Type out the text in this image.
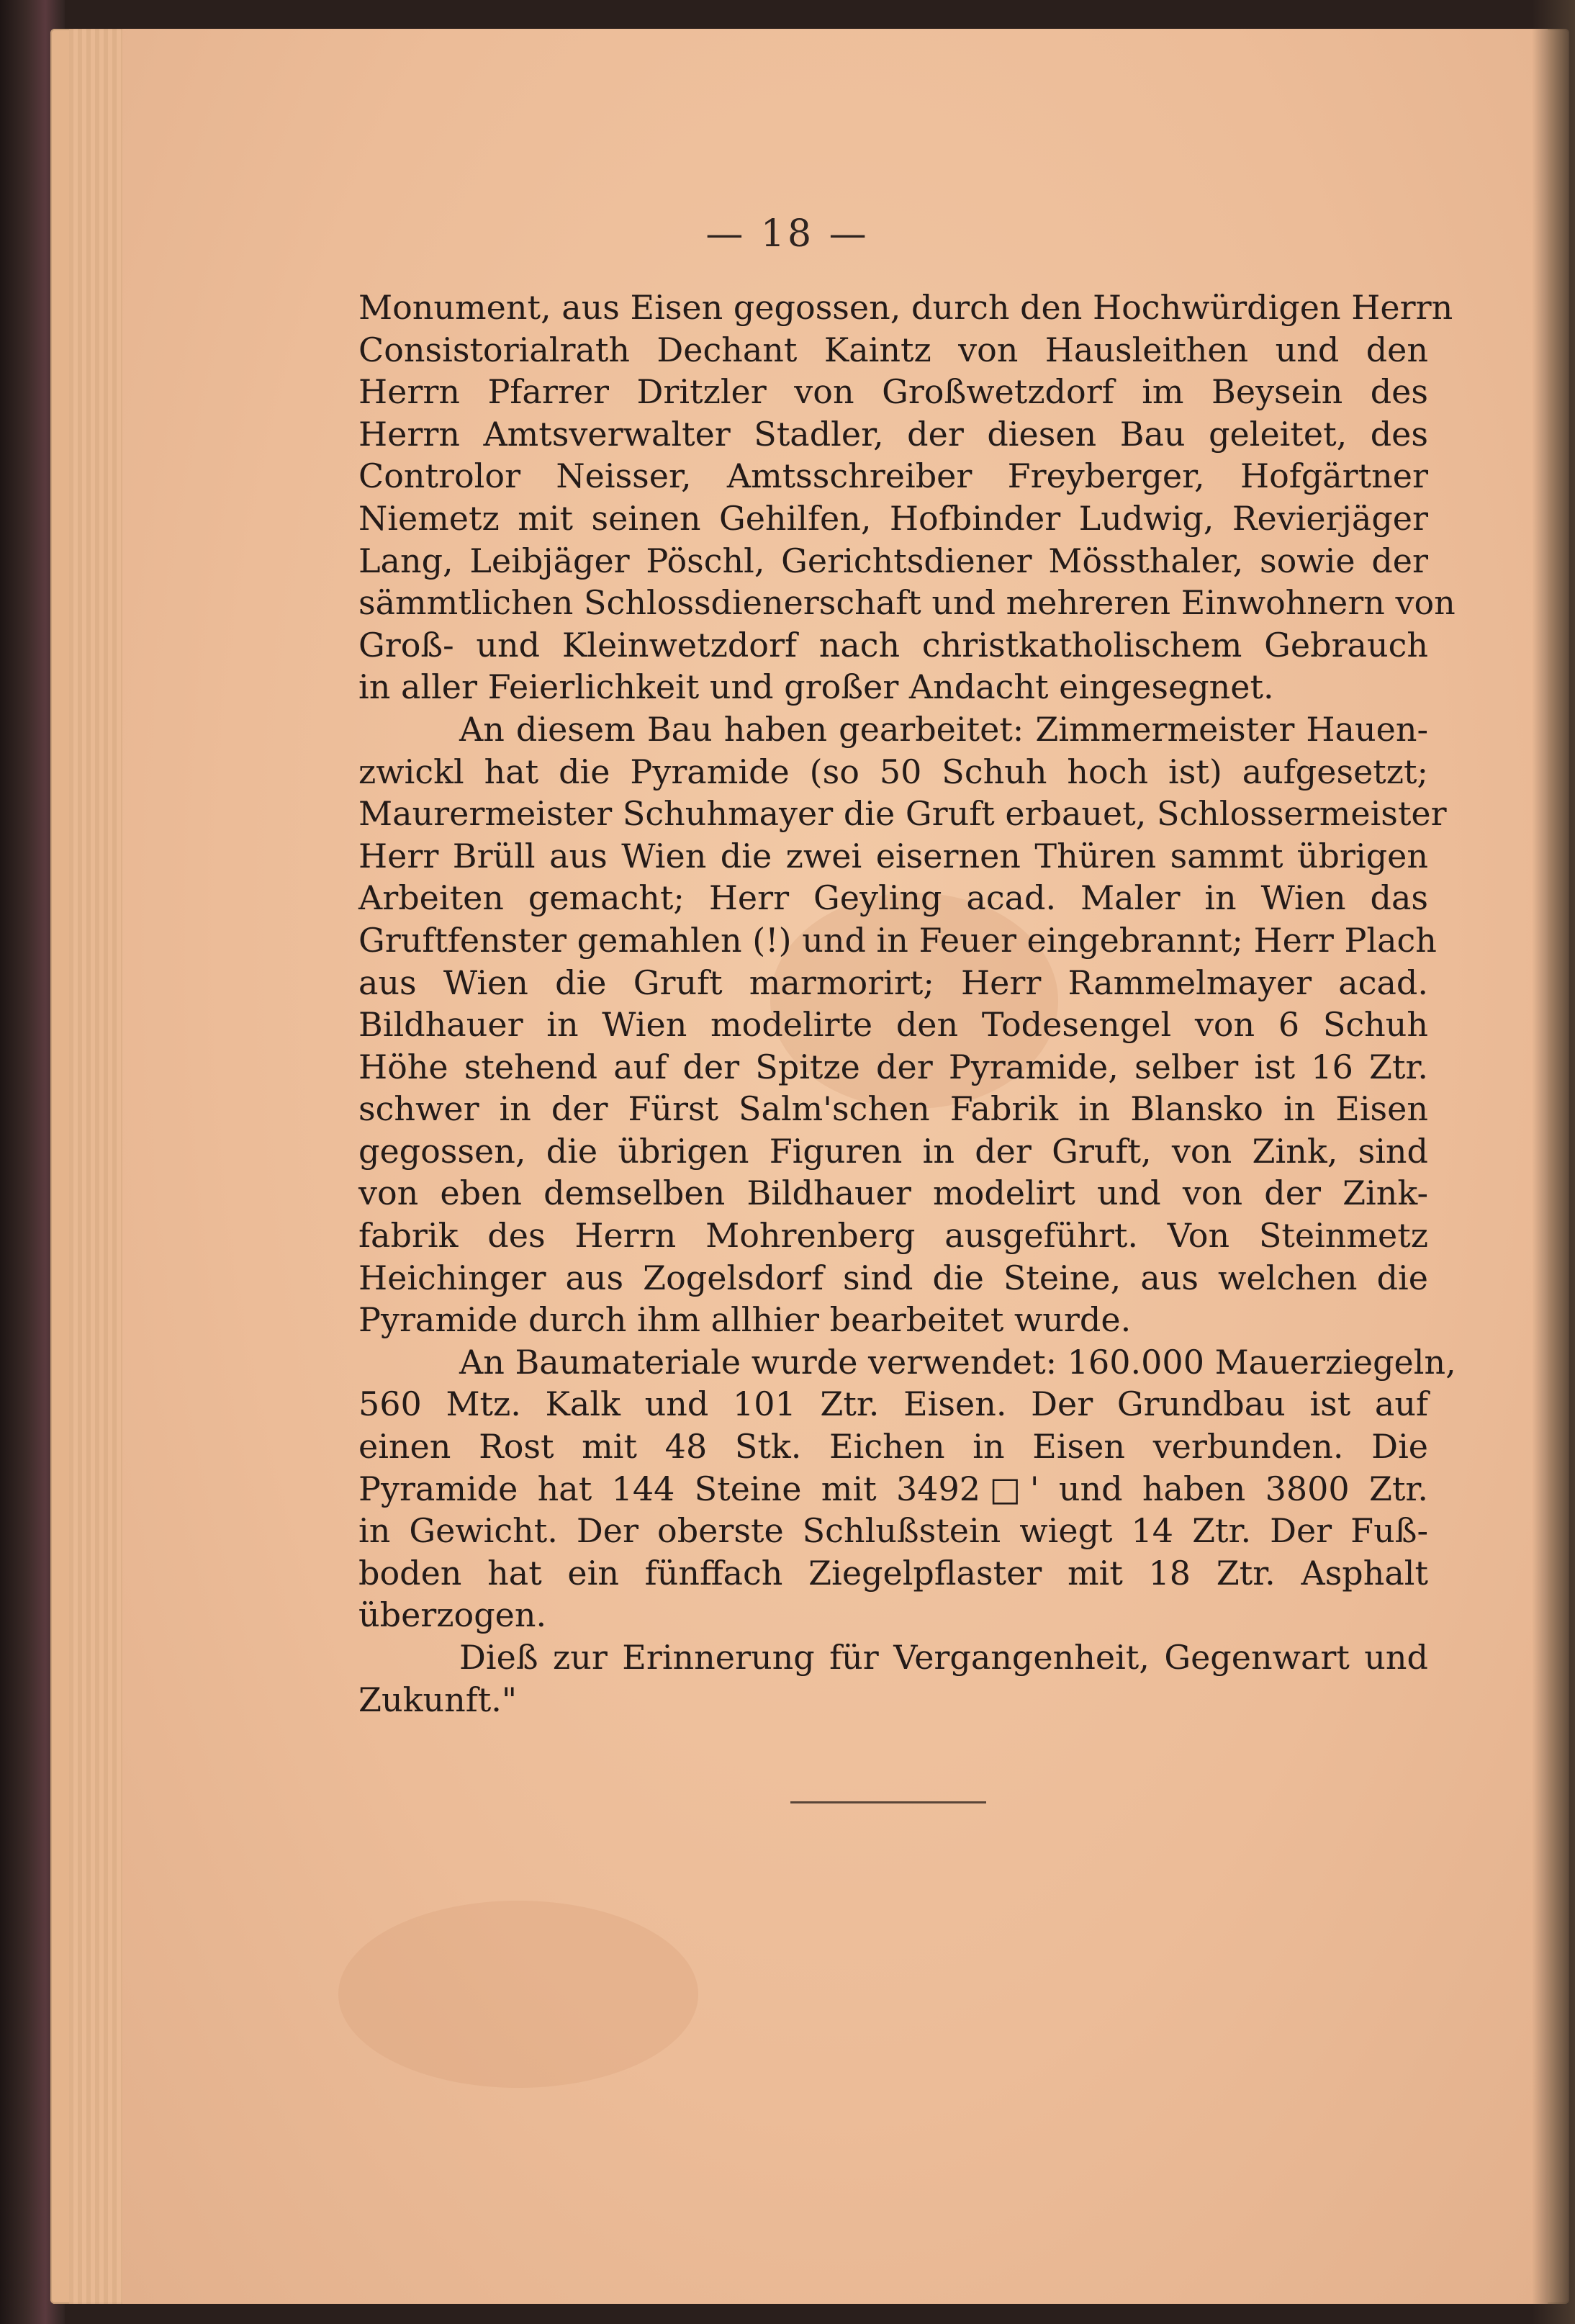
— 18 —
Monument, aus Eisen gegossen, durch den Hochwürdigen Herrn
Consistorialrath Dechant Kaintz von Hausleithen und den
Herrn Pfarrer Dritzler von Großwetzdorf im Beysein des
Herrn Amtsverwalter Stadler, der diesen Bau geleitet, des
Controlor Neisser, Amtsschreiber Freyberger, Hofgärtner
Niemetz mit seinen Gehilfen, Hofbinder Ludwig, Revierjäger
Lang, Leibjäger Pöschl, Gerichtsdiener Mössthaler, sowie der
sämmtlichen Schlossdienerschaft und mehreren Einwohnern von
Groß- und Kleinwetzdorf nach christkatholischem Gebrauch
in aller Feierlichkeit und großer Andacht eingesegnet.
An diesem Bau haben gearbeitet: Zimmermeister Hauen-
zwickl hat die Pyramide (so 50 Schuh hoch ist) aufgesetzt;
Maurermeister Schuhmayer die Gruft erbauet, Schlossermeister
Herr Brüll aus Wien die zwei eisernen Thüren sammt übrigen
Arbeiten gemacht; Herr Geyling acad. Maler in Wien das
Gruftfenster gemahlen (!) und in Feuer eingebrannt; Herr Plach
aus Wien die Gruft marmorirt; Herr Rammelmayer acad.
Bildhauer in Wien modelirte den Todesengel von 6 Schuh
Höhe stehend auf der Spitze der Pyramide, selber ist 16 Ztr.
schwer in der Fürst Salm'schen Fabrik in Blansko in Eisen
gegossen, die übrigen Figuren in der Gruft, von Zink, sind
von eben demselben Bildhauer modelirt und von der Zink-
fabrik des Herrn Mohrenberg ausgeführt. Von Steinmetz
Heichinger aus Zogelsdorf sind die Steine, aus welchen die
Pyramide durch ihm allhier bearbeitet wurde.
An Baumateriale wurde verwendet: 160.000 Mauerziegeln,
560 Mtz. Kalk und 101 Ztr. Eisen. Der Grundbau ist auf
einen Rost mit 48 Stk. Eichen in Eisen verbunden. Die
Pyramide hat 144 Steine mit 3492□' und haben 3800 Ztr.
in Gewicht. Der oberste Schlußstein wiegt 14 Ztr. Der Fuß-
boden hat ein fünffach Ziegelpflaster mit 18 Ztr. Asphalt
überzogen.
Dieß zur Erinnerung für Vergangenheit, Gegenwart und
Zukunft."
